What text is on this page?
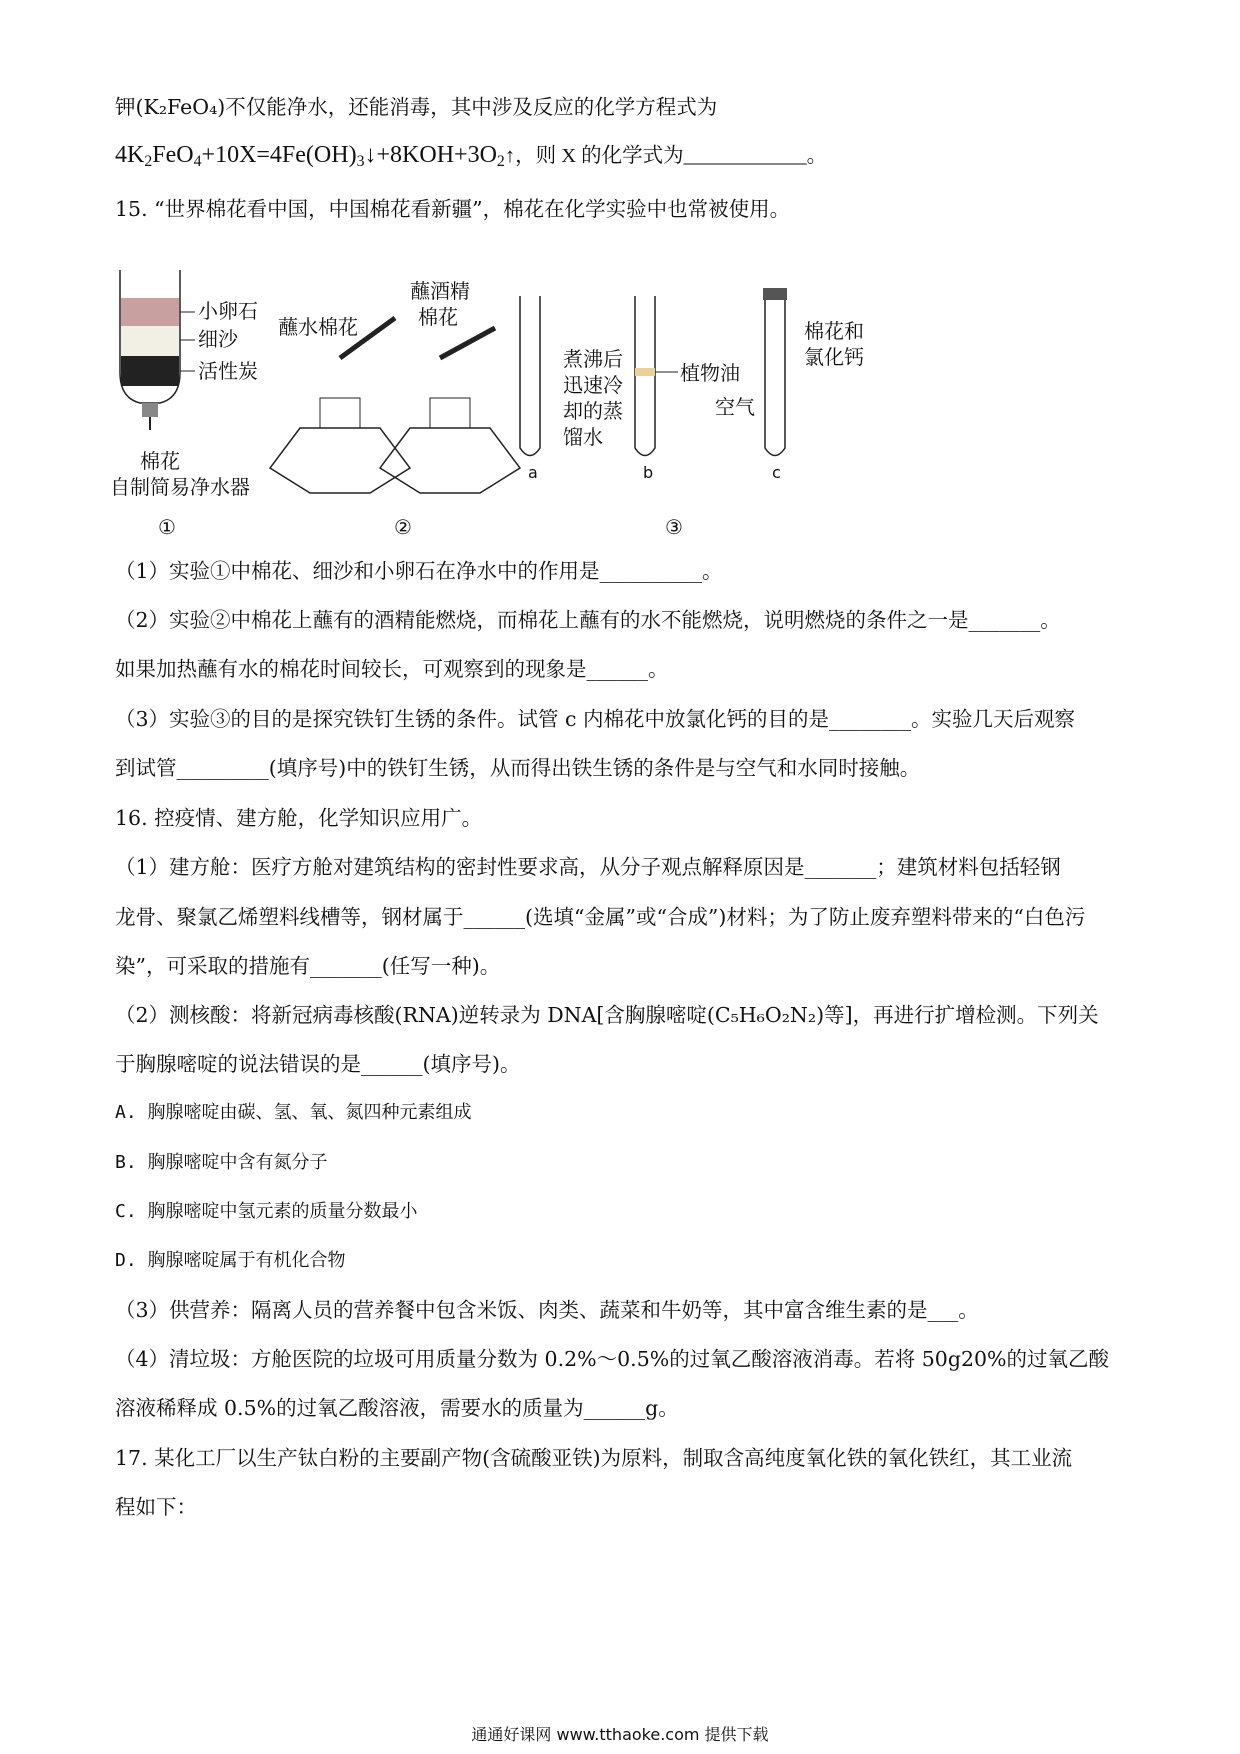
钾(K₂FeO₄)不仅能净水，还能消毒，其中涉及反应的化学方程式为
$4K_2FeO_4+10X=4Fe(OH)_3↓+8KOH+3O_2↑$，则 X 的化学式为____________。
15. “世界棉花看中国，中国棉花看新疆”，棉花在化学实验中也常被使用。
小卵石
细沙
活性炭
棉花
自制简易净水器
①
蘸水棉花
蘸酒精
棉花
②
煮沸后
迅速冷
却的蒸
馏水
植物油
棉花和
氯化钙
空气
a	b	c
③
（1）实验①中棉花、细沙和小卵石在净水中的作用是__________。
（2）实验②中棉花上蘸有的酒精能燃烧，而棉花上蘸有的水不能燃烧，说明燃烧的条件之一是_______。
如果加热蘸有水的棉花时间较长，可观察到的现象是______。
（3）实验③的目的是探究铁钉生锈的条件。试管 c 内棉花中放氯化钙的目的是________。实验几天后观察
到试管_________(填序号)中的铁钉生锈，从而得出铁生锈的条件是与空气和水同时接触。
16. 控疫情、建方舱，化学知识应用广。
（1）建方舱：医疗方舱对建筑结构的密封性要求高，从分子观点解释原因是_______；建筑材料包括轻钢
龙骨、聚氯乙烯塑料线槽等，钢材属于______(选填“金属”或“合成”)材料；为了防止废弃塑料带来的“白色污
染”，可采取的措施有_______(任写一种)。
（2）测核酸：将新冠病毒核酸(RNA)逆转录为 DNA[含胸腺嘧啶(C₅H₆O₂N₂)等]，再进行扩增检测。下列关
于胸腺嘧啶的说法错误的是______(填序号)。
A. 胸腺嘧啶由碳、氢、氧、氮四种元素组成
B. 胸腺嘧啶中含有氮分子
C. 胸腺嘧啶中氢元素的质量分数最小
D. 胸腺嘧啶属于有机化合物
（3）供营养：隔离人员的营养餐中包含米饭、肉类、蔬菜和牛奶等，其中富含维生素的是___。
（4）清垃圾：方舱医院的垃圾可用质量分数为 0.2%～0.5%的过氧乙酸溶液消毒。若将 50g20%的过氧乙酸
溶液稀释成 0.5%的过氧乙酸溶液，需要水的质量为______g。
17. 某化工厂以生产钛白粉的主要副产物(含硫酸亚铁)为原料，制取含高纯度氧化铁的氧化铁红，其工业流
程如下：
通通好课网 www.tthaoke.com 提供下载
